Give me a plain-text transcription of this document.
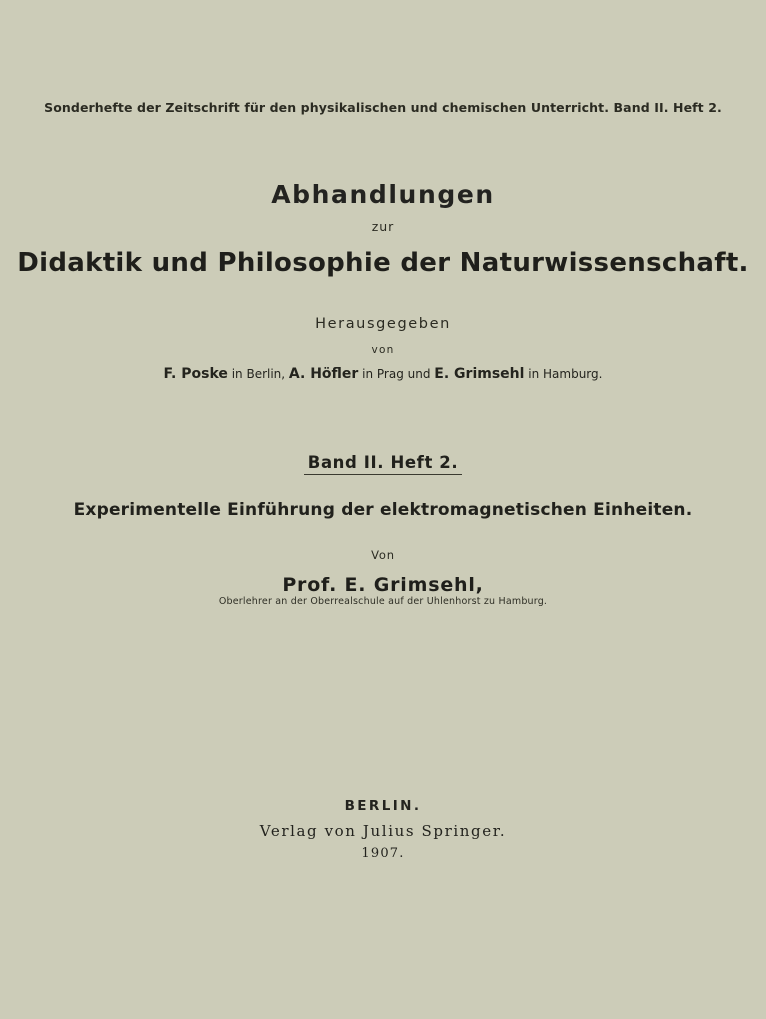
Sonderhefte der Zeitschrift für den physikalischen und chemischen Unterricht. Band II. Heft 2.
Abhandlungen
zur
Didaktik und Philosophie der Naturwissenschaft.
Herausgegeben
von
F. Poske in Berlin, A. Höfler in Prag und E. Grimsehl in Hamburg.
Band II. Heft 2.
Experimentelle Einführung der elektromagnetischen Einheiten.
Von
Prof. E. Grimsehl,
Oberlehrer an der Oberrealschule auf der Uhlenhorst zu Hamburg.
BERLIN.
Verlag von Julius Springer.
1907.
